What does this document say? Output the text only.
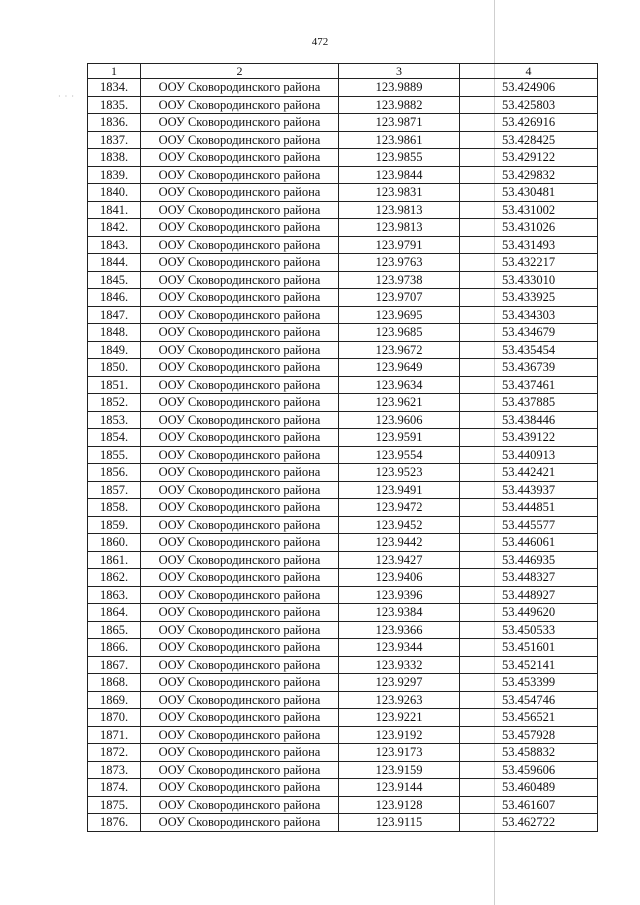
· · ·
472
1	2	3	4
1834.	ООУ Сковородинского района	123.9889	53.424906
1835.	ООУ Сковородинского района	123.9882	53.425803
1836.	ООУ Сковородинского района	123.9871	53.426916
1837.	ООУ Сковородинского района	123.9861	53.428425
1838.	ООУ Сковородинского района	123.9855	53.429122
1839.	ООУ Сковородинского района	123.9844	53.429832
1840.	ООУ Сковородинского района	123.9831	53.430481
1841.	ООУ Сковородинского района	123.9813	53.431002
1842.	ООУ Сковородинского района	123.9813	53.431026
1843.	ООУ Сковородинского района	123.9791	53.431493
1844.	ООУ Сковородинского района	123.9763	53.432217
1845.	ООУ Сковородинского района	123.9738	53.433010
1846.	ООУ Сковородинского района	123.9707	53.433925
1847.	ООУ Сковородинского района	123.9695	53.434303
1848.	ООУ Сковородинского района	123.9685	53.434679
1849.	ООУ Сковородинского района	123.9672	53.435454
1850.	ООУ Сковородинского района	123.9649	53.436739
1851.	ООУ Сковородинского района	123.9634	53.437461
1852.	ООУ Сковородинского района	123.9621	53.437885
1853.	ООУ Сковородинского района	123.9606	53.438446
1854.	ООУ Сковородинского района	123.9591	53.439122
1855.	ООУ Сковородинского района	123.9554	53.440913
1856.	ООУ Сковородинского района	123.9523	53.442421
1857.	ООУ Сковородинского района	123.9491	53.443937
1858.	ООУ Сковородинского района	123.9472	53.444851
1859.	ООУ Сковородинского района	123.9452	53.445577
1860.	ООУ Сковородинского района	123.9442	53.446061
1861.	ООУ Сковородинского района	123.9427	53.446935
1862.	ООУ Сковородинского района	123.9406	53.448327
1863.	ООУ Сковородинского района	123.9396	53.448927
1864.	ООУ Сковородинского района	123.9384	53.449620
1865.	ООУ Сковородинского района	123.9366	53.450533
1866.	ООУ Сковородинского района	123.9344	53.451601
1867.	ООУ Сковородинского района	123.9332	53.452141
1868.	ООУ Сковородинского района	123.9297	53.453399
1869.	ООУ Сковородинского района	123.9263	53.454746
1870.	ООУ Сковородинского района	123.9221	53.456521
1871.	ООУ Сковородинского района	123.9192	53.457928
1872.	ООУ Сковородинского района	123.9173	53.458832
1873.	ООУ Сковородинского района	123.9159	53.459606
1874.	ООУ Сковородинского района	123.9144	53.460489
1875.	ООУ Сковородинского района	123.9128	53.461607
1876.	ООУ Сковородинского района	123.9115	53.462722
